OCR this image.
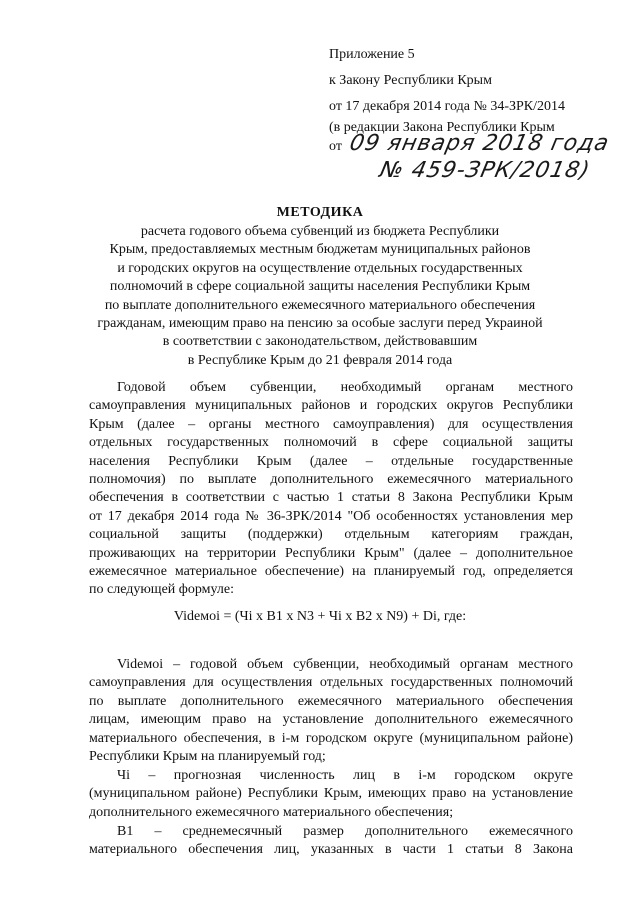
Приложение 5
к Закону Республики Крым
от 17 декабря 2014 года № 34-ЗРК/2014
(в редакции Закона Республики Крым
от 09 января 2018 года
№ 459-ЗРК/2018)
МЕТОДИКА
расчета годового объема субвенций из бюджета Республики
Крым, предоставляемых местным бюджетам муниципальных районов
и городских округов на осуществление отдельных государственных
полномочий в сфере социальной защиты населения Республики Крым
по выплате дополнительного ежемесячного материального обеспечения
гражданам, имеющим право на пенсию за особые заслуги перед Украиной
в соответствии с законодательством, действовавшим
в Республике Крым до 21 февраля 2014 года
Годовой объем субвенции, необходимый органам местного
самоуправления муниципальных районов и городских округов Республики
Крым (далее – органы местного самоуправления) для осуществления
отдельных государственных полномочий в сфере социальной защиты
населения Республики Крым (далее – отдельные государственные
полномочия) по выплате дополнительного ежемесячного материального
обеспечения в соответствии с частью 1 статьи 8 Закона Республики Крым
от 17 декабря 2014 года № 36-ЗРК/2014 "Об особенностях установления мер
социальной защиты (поддержки) отдельным категориям граждан,
проживающих на территории Республики Крым" (далее – дополнительное
ежемесячное материальное обеспечение) на планируемый год, определяется
по следующей формуле:
Vidемоi = (Чi x В1 x N3 + Чi x В2 x N9) + Di, где:
Vidемоi – годовой объем субвенции, необходимый органам местного
самоуправления для осуществления отдельных государственных полномочий
по выплате дополнительного ежемесячного материального обеспечения
лицам, имеющим право на установление дополнительного ежемесячного
материального обеспечения, в i-м городском округе (муниципальном районе)
Республики Крым на планируемый год;
Чi – прогнозная численность лиц в i-м городском округе
(муниципальном районе) Республики Крым, имеющих право на установление
дополнительного ежемесячного материального обеспечения;
В1 – среднемесячный размер дополнительного ежемесячного
материального обеспечения лиц, указанных в части 1 статьи 8 Закона
